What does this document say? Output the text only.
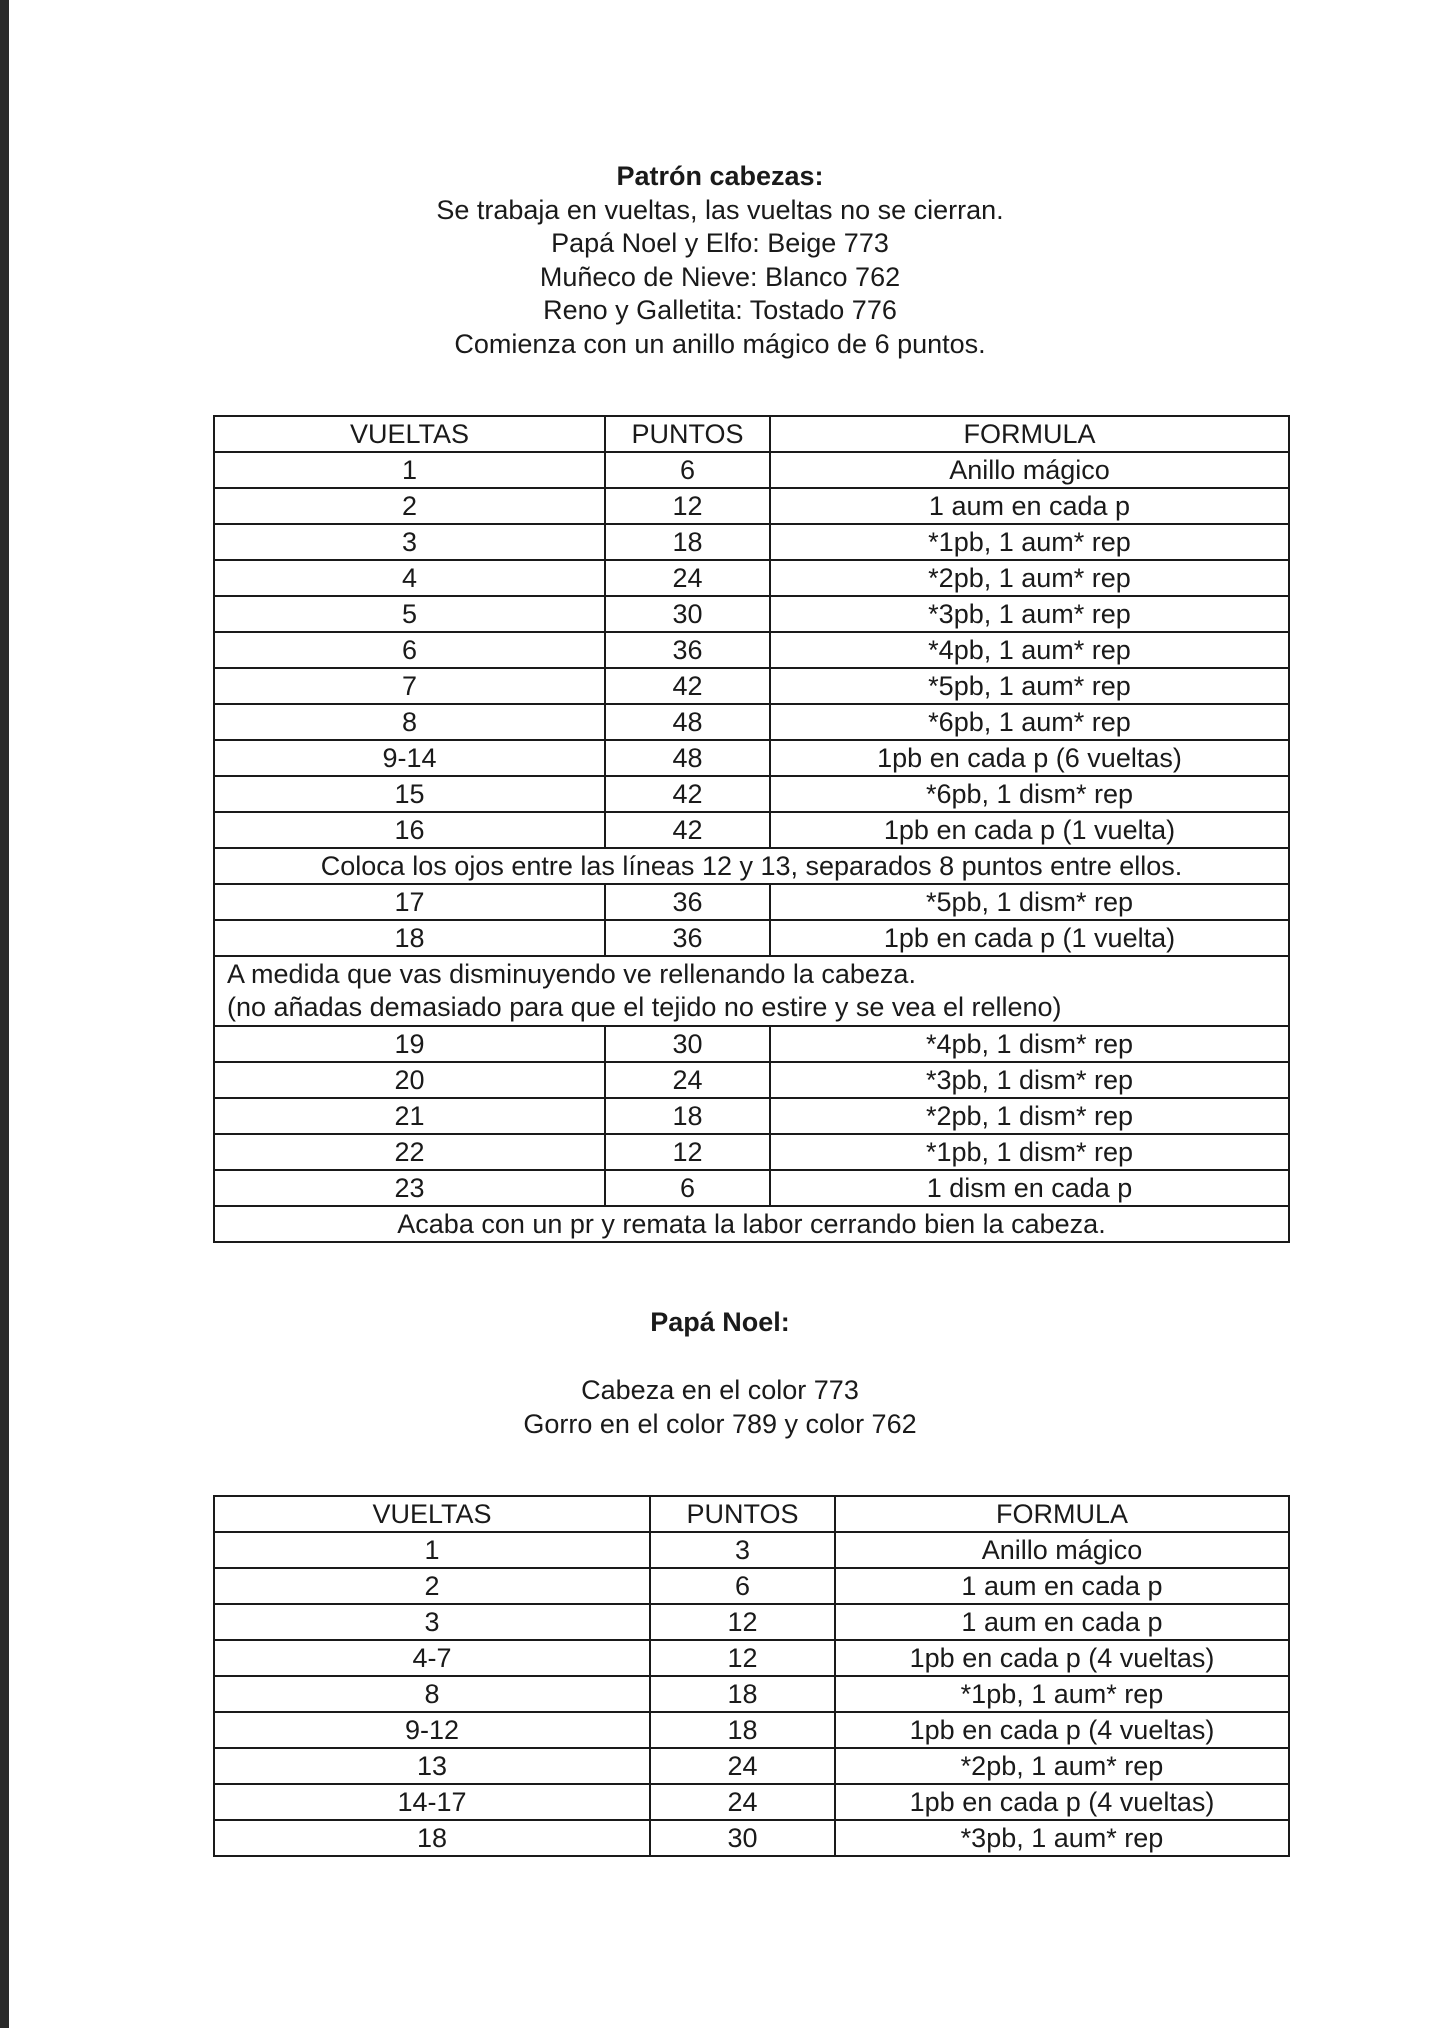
Patrón cabezas:
Se trabaja en vueltas, las vueltas no se cierran.
Papá Noel y Elfo: Beige 773
Muñeco de Nieve: Blanco 762
Reno y Galletita: Tostado 776
Comienza con un anillo mágico de 6 puntos.
VUELTAS	PUNTOS	FORMULA
1	6	Anillo mágico
2	12	1 aum en cada p
3	18	*1pb, 1 aum* rep
4	24	*2pb, 1 aum* rep
5	30	*3pb, 1 aum* rep
6	36	*4pb, 1 aum* rep
7	42	*5pb, 1 aum* rep
8	48	*6pb, 1 aum* rep
9-14	48	1pb en cada p (6 vueltas)
15	42	*6pb, 1 dism* rep
16	42	1pb en cada p (1 vuelta)

Coloca los ojos entre las líneas 12 y 13, separados 8 puntos entre ellos.		

17	36	*5pb, 1 dism* rep
18	36	1pb en cada p (1 vuelta)

A medida que vas disminuyendo ve rellenando la cabeza.
(no añadas demasiado para que el tejido no estire y se vea el relleno)		

19	30	*4pb, 1 dism* rep
20	24	*3pb, 1 dism* rep
21	18	*2pb, 1 dism* rep
22	12	*1pb, 1 dism* rep
23	6	1 dism en cada p

Acaba con un pr y remata la labor cerrando bien la cabeza.		
Papá Noel:
Cabeza en el color 773
Gorro en el color 789 y color 762
VUELTAS	PUNTOS	FORMULA
1	3	Anillo mágico
2	6	1 aum en cada p
3	12	1 aum en cada p
4-7	12	1pb en cada p (4 vueltas)
8	18	*1pb, 1 aum* rep
9-12	18	1pb en cada p (4 vueltas)
13	24	*2pb, 1 aum* rep
14-17	24	1pb en cada p (4 vueltas)
18	30	*3pb, 1 aum* rep
